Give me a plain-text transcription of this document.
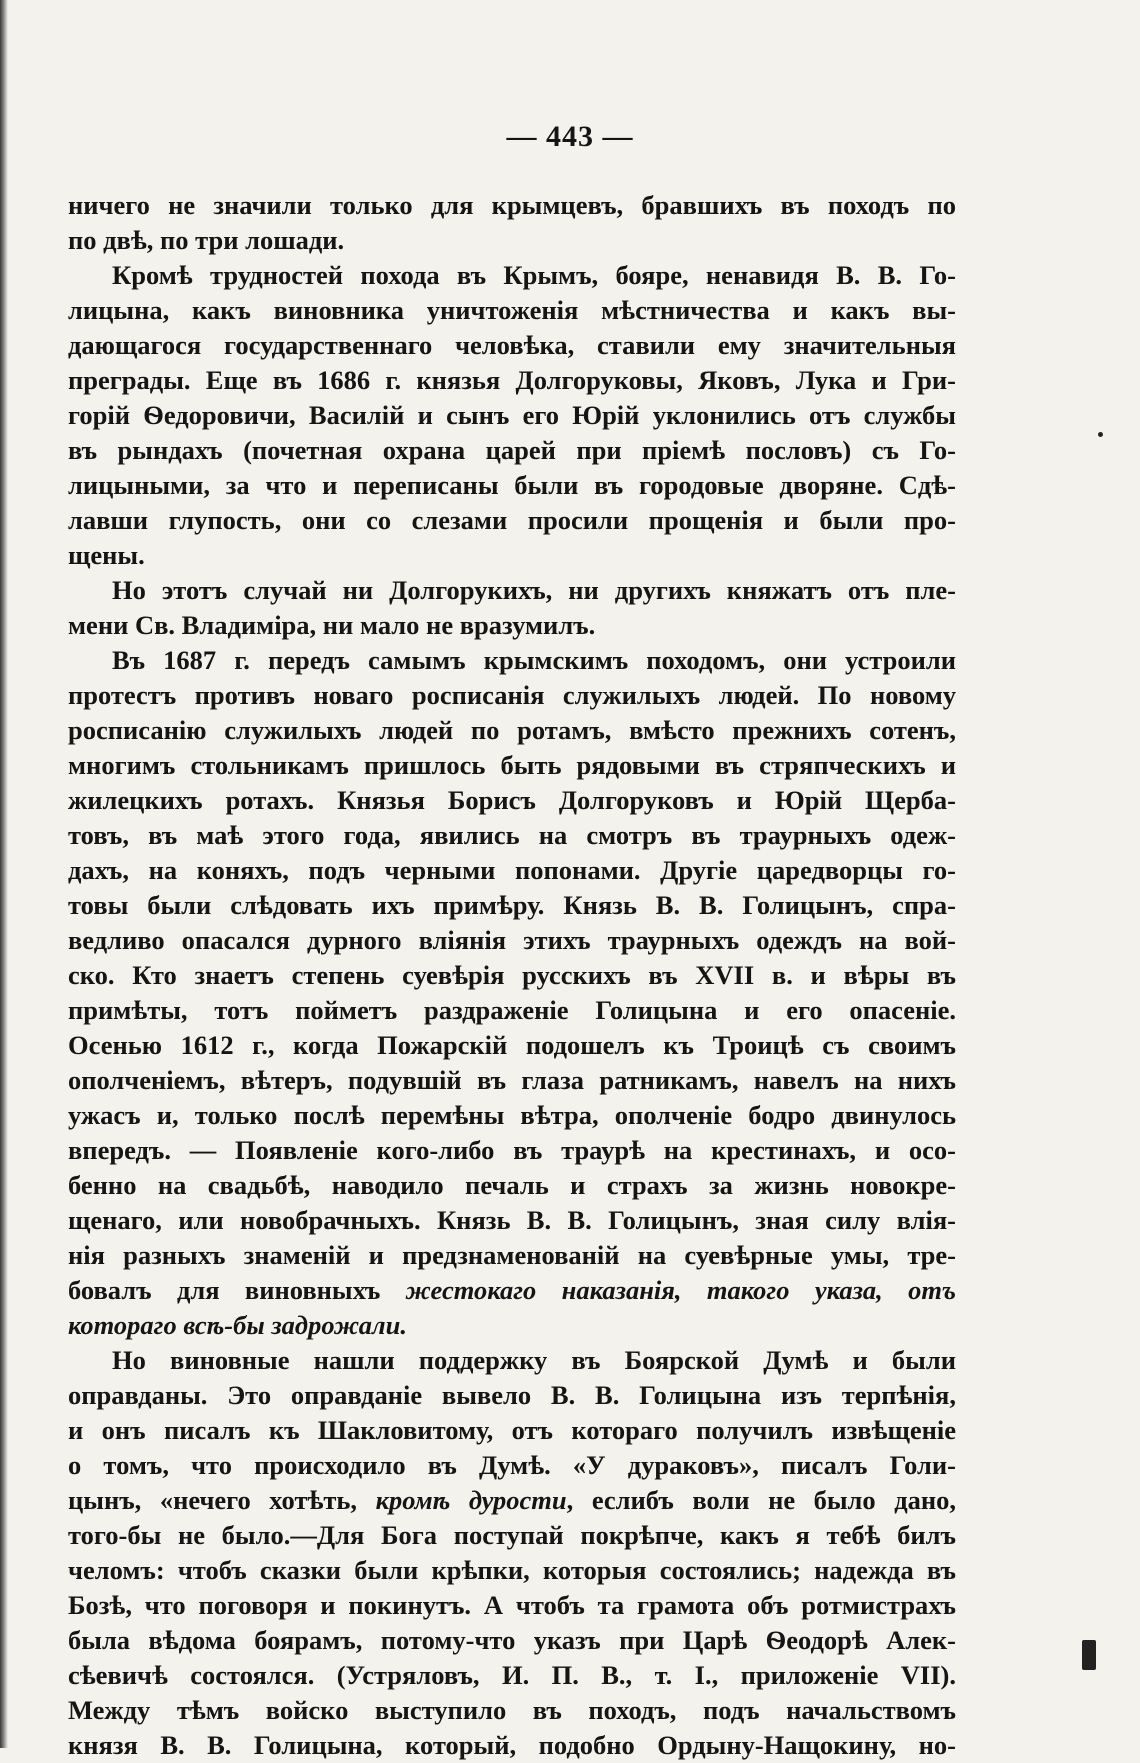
— 443 —
ничего не значили только для крымцевъ, бравшихъ въ походъ по
по двѣ, по три лошади.
Кромѣ трудностей похода въ Крымъ, бояре, ненавидя В. В. Го-
лицына, какъ виновника уничтоженія мѣстничества и какъ вы-
дающагося государственнаго человѣка, ставили ему значительныя
преграды. Еще въ 1686 г. князья Долгоруковы, Яковъ, Лука и Гри-
горій Ѳедоровичи, Василій и сынъ его Юрій уклонились отъ службы
въ рындахъ (почетная охрана царей при пріемѣ пословъ) съ Го-
лицыными, за что и переписаны были въ городовые дворяне. Сдѣ-
лавши глупость, они со слезами просили прощенія и были про-
щены.
Но этотъ случай ни Долгорукихъ, ни другихъ княжатъ отъ пле-
мени Св. Владиміра, ни мало не вразумилъ.
Въ 1687 г. передъ самымъ крымскимъ походомъ, они устроили
протестъ противъ новаго росписанія служилыхъ людей. По новому
росписанію служилыхъ людей по ротамъ, вмѣсто прежнихъ сотенъ,
многимъ стольникамъ пришлось быть рядовыми въ стряпческихъ и
жилецкихъ ротахъ. Князья Борисъ Долгоруковъ и Юрій Щерба-
товъ, въ маѣ этого года, явились на смотръ въ траурныхъ одеж-
дахъ, на коняхъ, подъ черными попонами. Другіе царедворцы го-
товы были слѣдовать ихъ примѣру. Князь В. В. Голицынъ, спра-
ведливо опасался дурного вліянія этихъ траурныхъ одеждъ на вой-
ско. Кто знаетъ степень суевѣрія русскихъ въ XVII в. и вѣры въ
примѣты, тотъ пойметъ раздраженіе Голицына и его опасеніе.
Осенью 1612 г., когда Пожарскій подошелъ къ Троицѣ съ своимъ
ополченіемъ, вѣтеръ, подувшій въ глаза ратникамъ, навелъ на нихъ
ужасъ и, только послѣ перемѣны вѣтра, ополченіе бодро двинулось
впередъ. — Появленіе кого-либо въ траурѣ на крестинахъ, и осо-
бенно на свадьбѣ, наводило печаль и страхъ за жизнь новокре-
щенаго, или новобрачныхъ. Князь В. В. Голицынъ, зная силу влія-
нія разныхъ знаменій и предзнаменованій на суевѣрные умы, тре-
бовалъ для виновныхъ жестокаго наказанія, такого указа, отъ
котораго всѣ-бы задрожали.
Но виновные нашли поддержку въ Боярской Думѣ и были
оправданы. Это оправданіе вывело В. В. Голицына изъ терпѣнія,
и онъ писалъ къ Шакловитому, отъ котораго получилъ извѣщеніе
о томъ, что происходило въ Думѣ. «У дураковъ», писалъ Голи-
цынъ, «нечего хотѣть, кромѣ дурости, еслибъ воли не было дано,
того-бы не было.—Для Бога поступай покрѣпче, какъ я тебѣ билъ
челомъ: чтобъ сказки были крѣпки, которыя состоялись; надежда въ
Бозѣ, что поговоря и покинутъ. А чтобъ та грамота объ ротмистрахъ
была вѣдома боярамъ, потому-что указъ при Царѣ Ѳеодорѣ Алек-
сѣевичѣ состоялся. (Устряловъ, И. П. В., т. I., приложеніе VII).
Между тѣмъ войско выступило въ походъ, подъ начальствомъ
князя В. В. Голицына, который, подобно Ордыну-Нащокину, но-
